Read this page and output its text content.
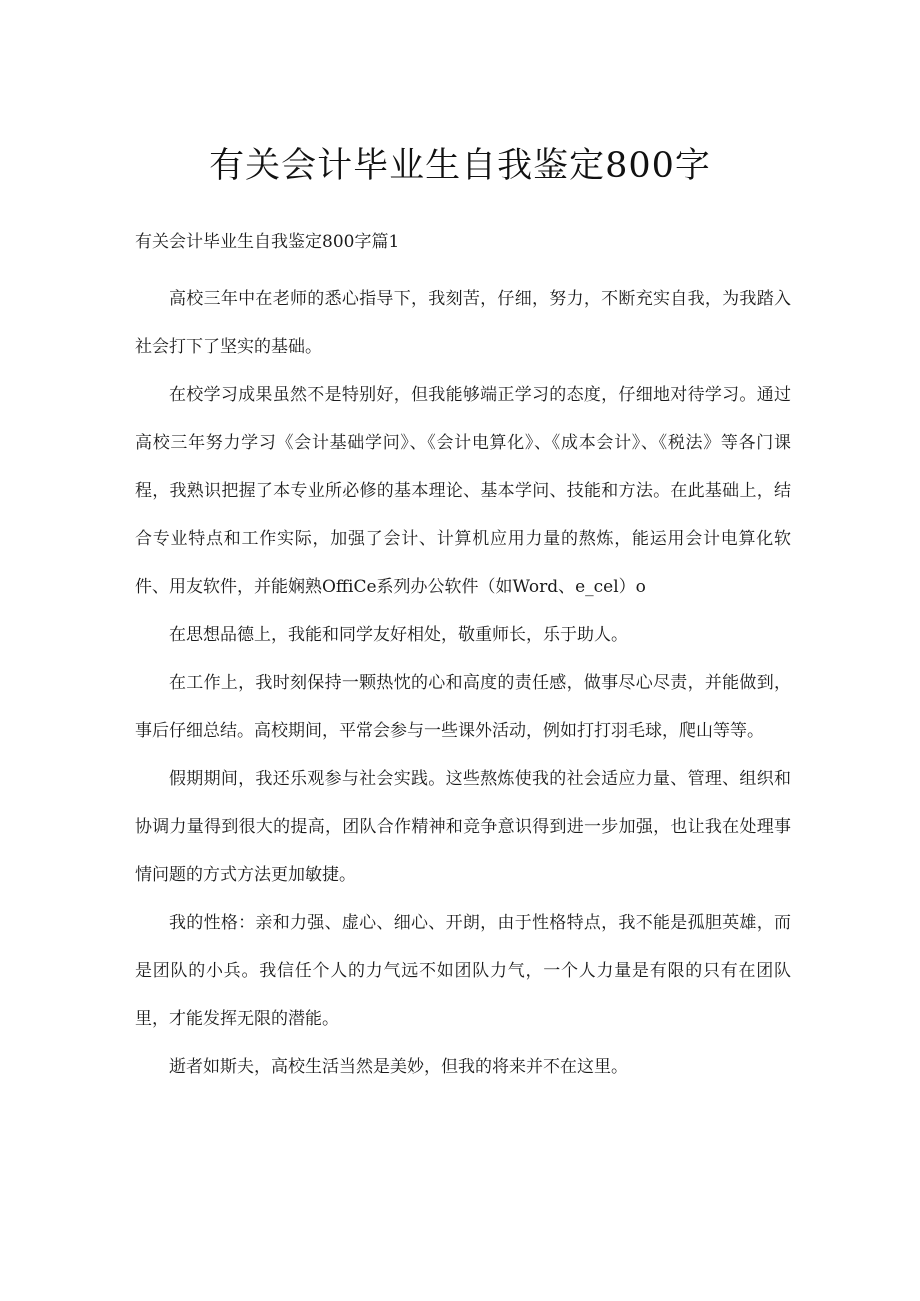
有关会计毕业生自我鉴定800字
有关会计毕业生自我鉴定800字篇1

高校三年中在老师的悉心指导下，我刻苦，仔细，努力，不断充实自我，为我踏入社会打下了坚实的基础。

在校学习成果虽然不是特别好，但我能够端正学习的态度，仔细地对待学习。通过高校三年努力学习《会计基础学问》、《会计电算化》、《成本会计》、《税法》等各门课程，我熟识把握了本专业所必修的基本理论、基本学问、技能和方法。在此基础上，结合专业特点和工作实际，加强了会计、计算机应用力量的熬炼，能运用会计电算化软件、用友软件，并能娴熟OffiCe系列办公软件（如Word、e_cel）o

在思想品德上，我能和同学友好相处，敬重师长，乐于助人。

在工作上，我时刻保持一颗热忱的心和高度的责任感，做事尽心尽责，并能做到，事后仔细总结。高校期间，平常会参与一些课外活动，例如打打羽毛球，爬山等等。

假期期间，我还乐观参与社会实践。这些熬炼使我的社会适应力量、管理、组织和协调力量得到很大的提高，团队合作精神和竞争意识得到进一步加强，也让我在处理事情问题的方式方法更加敏捷。

我的性格：亲和力强、虚心、细心、开朗，由于性格特点，我不能是孤胆英雄，而是团队的小兵。我信任个人的力气远不如团队力气，一个人力量是有限的只有在团队里，才能发挥无限的潜能。

逝者如斯夫，高校生活当然是美妙，但我的将来并不在这里。
